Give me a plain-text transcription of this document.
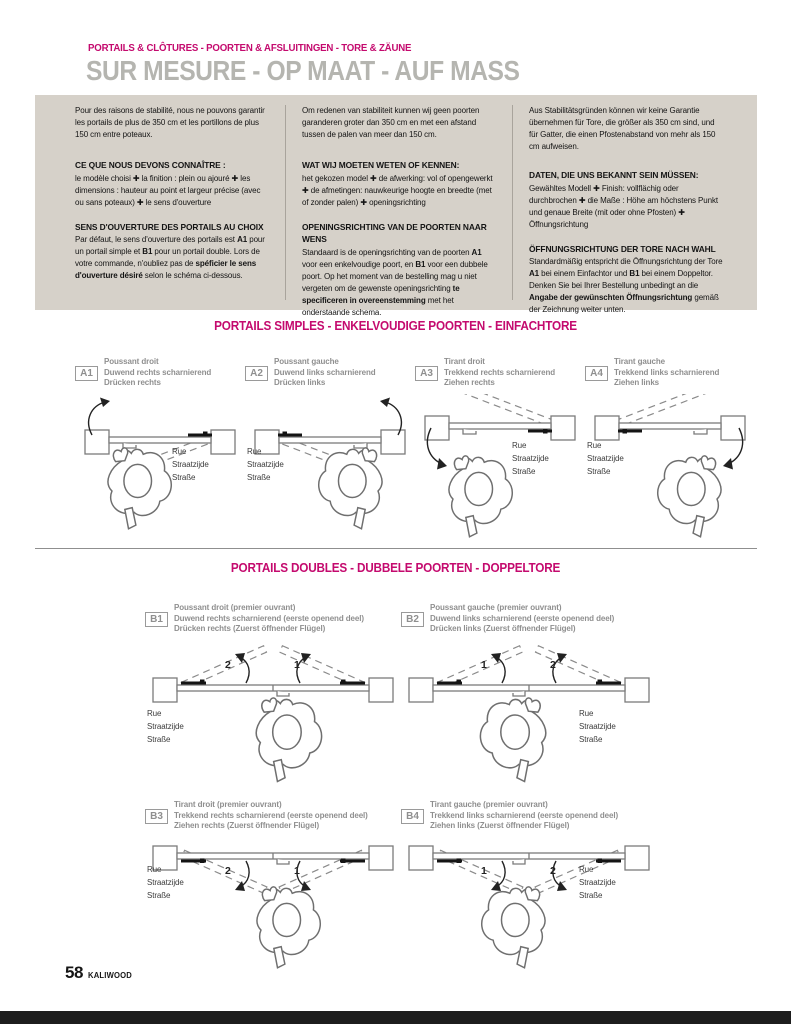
PORTAILS & CLÔTURES - POORTEN & AFSLUITINGEN - TORE & ZÄUNE
SUR MESURE - OP MAAT - AUF MASS

Pour des raisons de stabilité, nous ne pouvons garantir les portails de plus de 350 cm et les portillons de plus 150 cm entre poteaux.

CE QUE NOUS DEVONS CONNAÎTRE :

le modèle choisi ✚ la finition : plein ou ajouré ✚ les dimensions : hauteur au point et largeur précise (avec ou sans poteaux) ✚ le sens d'ouverture

SENS D'OUVERTURE DES PORTAILS AU CHOIX

Par défaut, le sens d'ouverture des portails est A1 pour un portail simple et B1 pour un portail double. Lors de votre commande, n'oubliez pas de spéficier le sens d'ouverture désiré selon le schéma ci-dessous.

Om redenen van stabiliteit kunnen wij geen poorten garanderen groter dan 350 cm en met een afstand tussen de palen van meer dan 150 cm.

WAT WIJ MOETEN WETEN OF KENNEN:

het gekozen model ✚ de afwerking: vol of opengewerkt ✚ de afmetingen: nauwkeurige hoogte en breedte (met of zonder palen) ✚ openingsrichting

OPENINGSRICHTING VAN DE POORTEN NAAR WENS

Standaard is de openingsrichting van de poorten A1 voor een enkelvoudige poort, en B1 voor een dubbele poort. Op het moment van de bestelling mag u niet vergeten om de gewenste openingsrichting te specificeren in overeenstemming met het onderstaande schema.

Aus Stabilitätsgründen können wir keine Garantie übernehmen für Tore, die größer als 350 cm sind, und für Gatter, die einen Pfostenabstand von mehr als 150 cm aufweisen.

DATEN, DIE UNS BEKANNT SEIN MÜSSEN:

Gewähltes Modell ✚ Finish: vollflächig oder durchbrochen ✚ die Maße : Höhe am höchstens Punkt und genaue Breite (mit oder ohne Pfosten) ✚ Öffnungsrichtung

ÖFFNUNGSRICHTUNG DER TORE NACH WAHL

Standardmäßig entspricht die Öffnungsrichtung der Tore A1 bei einem Einfachtor und B1 bei einem Doppeltor. Denken Sie bei Ihrer Bestellung unbedingt an die Angabe der gewünschten Öffnungsrichtung gemäß der Zeichnung weiter unten.

PORTAILS SIMPLES - ENKELVOUDIGE POORTEN - EINFACHTORE
A1
Poussant droit
Duwend rechts scharnierend
Drücken rechts
Rue
Straatzijde
Straße
A2
Poussant gauche
Duwend links scharnierend
Drücken links
Rue
Straatzijde
Straße
A3
Tirant droit
Trekkend rechts scharnierend
Ziehen rechts
Rue
Straatzijde
Straße
A4
Tirant gauche
Trekkend links scharnierend
Ziehen links
Rue
Straatzijde
Straße
PORTAILS DOUBLES - DUBBELE POORTEN - DOPPELTORE
B1
Poussant droit (premier ouvrant)
Duwend rechts scharnierend (eerste openend deel)
Drücken rechts (Zuerst öffnender Flügel)
2	1
Rue
Straatzijde
Straße
B2
Poussant gauche (premier ouvrant)
Duwend links scharnierend (eerste openend deel)
Drücken links (Zuerst öffnender Flügel)
1	2
Rue
Straatzijde
Straße
B3
Tirant droit (premier ouvrant)
Trekkend rechts scharnierend (eerste openend deel)
Ziehen rechts (Zuerst öffnender Flügel)
2	1
Rue
Straatzijde
Straße
B4
Tirant gauche (premier ouvrant)
Trekkend links scharnierend (eerste openend deel)
Ziehen links (Zuerst öffnender Flügel)
1	2	Rue
Straatzijde
Straße
58 KALIWOOD
